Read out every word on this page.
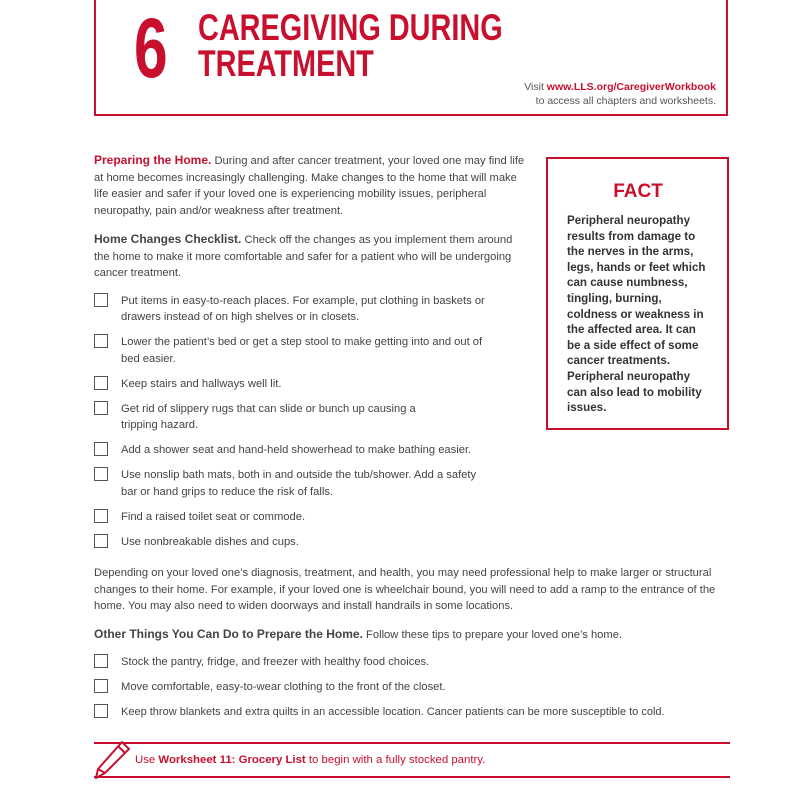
6 CAREGIVING DURING
TREATMENT
Visit www.LLS.org/CaregiverWorkbook
to access all chapters and worksheets.

Preparing the Home. During and after cancer treatment, your loved one may find life at home becomes increasingly challenging. Make changes to the home that will make life easier and safer if your loved one is experiencing mobility issues, peripheral neuropathy, pain and/or weakness after treatment.

Home Changes Checklist. Check off the changes as you implement them around the home to make it more comfortable and safer for a patient who will be undergoing cancer treatment.

Put items in easy-to-reach places. For example, put clothing in baskets or drawers instead of on high shelves or in closets.
Lower the patient’s bed or get a step stool to make getting into and out of bed easier.
Keep stairs and hallways well lit.
Get rid of slippery rugs that can slide or bunch up causing a tripping hazard.
Add a shower seat and hand-held showerhead to make bathing easier.
Use nonslip bath mats, both in and outside the tub/shower. Add a safety bar or hand grips to reduce the risk of falls.
Find a raised toilet seat or commode.
Use nonbreakable dishes and cups.
Depending on your loved one’s diagnosis, treatment, and health, you may need professional help to make larger or structural changes to their home. For example, if your loved one is wheelchair bound, you will need to add a ramp to the entrance of the home. You may also need to widen doorways and install handrails in some locations.

Other Things You Can Do to Prepare the Home. Follow these tips to prepare your loved one’s home.

Stock the pantry, fridge, and freezer with healthy food choices.
Move comfortable, easy-to-wear clothing to the front of the closet.
Keep throw blankets and extra quilts in an accessible location. Cancer patients can be more susceptible to cold.
FACT
Peripheral neuropathy results from damage to the nerves in the arms, legs, hands or feet which can cause numbness, tingling, burning, coldness or weakness in the affected area. It can be a side effect of some cancer treatments. Peripheral neuropathy can also lead to mobility issues.
Use Worksheet 11: Grocery List to begin with a fully stocked pantry.
